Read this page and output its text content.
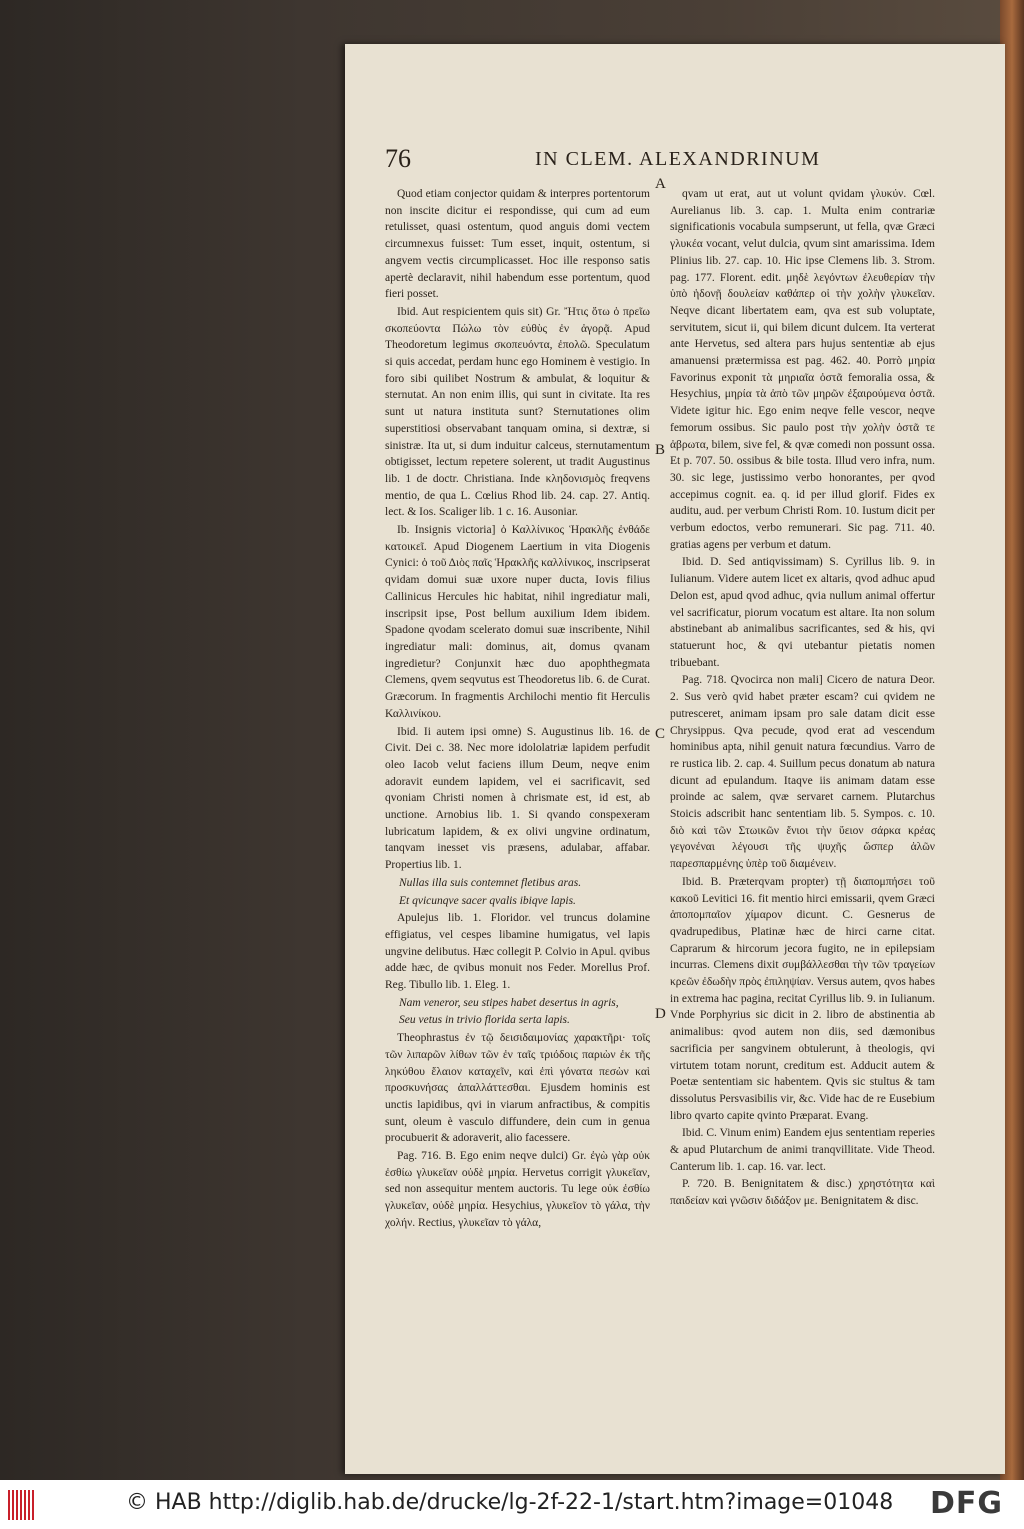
76	IN CLEM. ALEXANDRINUM

Quod etiam conjector quidam & interpres portentorum non inscite dicitur ei respondisse, qui cum ad eum retulisset, quasi ostentum, quod anguis domi vectem circumnexus fuisset: Tum esset, inquit, ostentum, si angvem vectis circumplicasset. Hoc ille responso satis apertè declaravit, nihil habendum esse portentum, quod fieri posset.

Ibid. Aut respicientem quis sit) Gr. Ἤτις ὅτω ὁ πρεῖω σκοπεύοντα Πώλω τὸν εὐθὺς ἐν ἀγορᾷ. Apud Theodoretum legimus σκοπευόντα, ἐπολῶ. Speculatum si quis accedat, perdam hunc ego Hominem è vestigio. In foro sibi quilibet Nostrum & ambulat, & loquitur & sternutat. An non enim illis, qui sunt in civitate. Ita res sunt ut natura instituta sunt? Sternutationes olim superstitiosi observabant tanquam omina, si dextræ, si sinistræ. Ita ut, si dum induitur calceus, sternutamentum obtigisset, lectum repetere solerent, ut tradit Augustinus lib. 1 de doctr. Christiana. Inde κληδονισμὸς freqvens mentio, de qua L. Cœlius Rhod lib. 24. cap. 27. Antiq. lect. & Ios. Scaliger lib. 1 c. 16. Ausoniar.

Ib. Insignis victoria] ὁ Καλλίνικος Ἡρακλῆς ἐνθάδε κατοικεῖ. Apud Diogenem Laertium in vita Diogenis Cynici: ὁ τοῦ Διὸς παῖς Ἡρακλῆς καλλίνικος, inscripserat qvidam domui suæ uxore nuper ducta, Iovis filius Callinicus Hercules hic habitat, nihil ingrediatur mali, inscripsit ipse, Post bellum auxilium Idem ibidem. Spadone qvodam scelerato domui suæ inscribente, Nihil ingrediatur mali: dominus, ait, domus qvanam ingredietur? Conjunxit hæc duo apophthegmata Clemens, qvem seqvutus est Theodoretus lib. 6. de Curat. Græcorum. In fragmentis Archilochi mentio fit Herculis Καλλινίκου.

Ibid. Ii autem ipsi omne) S. Augustinus lib. 16. de Civit. Dei c. 38. Nec more idololatriæ lapidem perfudit oleo Iacob velut faciens illum Deum, neqve enim adoravit eundem lapidem, vel ei sacrificavit, sed qvoniam Christi nomen à chrismate est, id est, ab unctione. Arnobius lib. 1. Si qvando conspexeram lubricatum lapidem, & ex olivi ungvine ordinatum, tanqvam inesset vis præsens, adulabar, affabar. Propertius lib. 1.

Nullas illa suis contemnet fletibus aras.

Et qvicunqve sacer qvalis ibiqve lapis.

Apulejus lib. 1. Floridor. vel truncus dolamine effigiatus, vel cespes libamine humigatus, vel lapis ungvine delibutus. Hæc collegit P. Colvio in Apul. qvibus adde hæc, de qvibus monuit nos Feder. Morellus Prof. Reg. Tibullo lib. 1. Eleg. 1.

Nam veneror, seu stipes habet desertus in agris,

Seu vetus in trivio florida serta lapis.

Theophrastus ἐν τῷ δεισιδαιμονίας χαρακτῆρι· τοῖς τῶν λιπαρῶν λίθων τῶν ἐν ταῖς τριόδοις παριὼν ἐκ τῆς ληκύθου ἔλαιον καταχεῖν, καὶ ἐπὶ γόνατα πεσὼν καὶ προσκυνήσας ἀπαλλάττεσθαι. Ejusdem hominis est unctis lapidibus, qvi in viarum anfractibus, & compitis sunt, oleum è vasculo diffundere, dein cum in genua procubuerit & adoraverit, alio facessere.

Pag. 716. B. Ego enim neqve dulci) Gr. ἐγὼ γὰρ οὐκ ἐσθίω γλυκεῖαν οὐδὲ μηρία. Hervetus corrigit γλυκεῖαν, sed non assequitur mentem auctoris. Tu lege οὐκ ἐσθίω γλυκεῖαν, οὐδὲ μηρία. Hesychius, γλυκεῖον τὸ γάλα, τὴν χολήν. Rectius, γλυκεῖαν τὸ γάλα,

A
B
C
D

qvam ut erat, aut ut volunt qvidam γλυκύν. Cœl. Aurelianus lib. 3. cap. 1. Multa enim contrariæ significationis vocabula sumpserunt, ut fella, qvæ Græci γλυκέα vocant, velut dulcia, qvum sint amarissima. Idem Plinius lib. 27. cap. 10. Hic ipse Clemens lib. 3. Strom. pag. 177. Florent. edit. μηδὲ λεγόντων ἐλευθερίαν τὴν ὑπὸ ἡδονῇ δουλείαν καθάπερ οἱ τὴν χολὴν γλυκεῖαν. Neqve dicant libertatem eam, qva est sub voluptate, servitutem, sicut ii, qui bilem dicunt dulcem. Ita verterat ante Hervetus, sed altera pars hujus sententiæ ab ejus amanuensi prætermissa est pag. 462. 40. Porrò μηρία Favorinus exponit τὰ μηριαῖα ὀστᾶ femoralia ossa, & Hesychius, μηρία τὰ ἀπὸ τῶν μηρῶν ἐξαιρούμενα ὀστᾶ. Videte igitur hic. Ego enim neqve felle vescor, neqve femorum ossibus. Sic paulo post τὴν χολὴν ὀστᾶ τε ἀβρωτα, bilem, sive fel, & qvæ comedi non possunt ossa. Et p. 707. 50. ossibus & bile tosta. Illud vero infra, num. 30. sic lege, justissimo verbo honorantes, per qvod accepimus cognit. ea. q. id per illud glorif. Fides ex auditu, aud. per verbum Christi Rom. 10. Iustum dicit per verbum edoctos, verbo remunerari. Sic pag. 711. 40. gratias agens per verbum et datum.

Ibid. D. Sed antiqvissimam) S. Cyrillus lib. 9. in Iulianum. Videre autem licet ex altaris, qvod adhuc apud Delon est, apud qvod adhuc, qvia nullum animal offertur vel sacrificatur, piorum vocatum est altare. Ita non solum abstinebant ab animalibus sacrificantes, sed & his, qvi statuerunt hoc, & qvi utebantur pietatis nomen tribuebant.

Pag. 718. Qvocirca non mali] Cicero de natura Deor. 2. Sus verò qvid habet præter escam? cui qvidem ne putresceret, animam ipsam pro sale datam dicit esse Chrysippus. Qva pecude, qvod erat ad vescendum hominibus apta, nihil genuit natura fœcundius. Varro de re rustica lib. 2. cap. 4. Suillum pecus donatum ab natura dicunt ad epulandum. Itaqve iis animam datam esse proinde ac salem, qvæ servaret carnem. Plutarchus Stoicis adscribit hanc sententiam lib. 5. Sympos. c. 10. διὸ καὶ τῶν Στωικῶν ἔνιοι τὴν ὕειον σάρκα κρέας γεγονέναι λέγουσι τῆς ψυχῆς ὥσπερ ἁλῶν παρεσπαρμένης ὑπὲρ τοῦ διαμένειν.

Ibid. B. Præterqvam propter) τῇ διαπομπήσει τοῦ κακοῦ Levitici 16. fit mentio hirci emissarii, qvem Græci ἀποπομπαῖον χίμαρον dicunt. C. Gesnerus de qvadrupedibus, Platinæ hæc de hirci carne citat. Caprarum & hircorum jecora fugito, ne in epilepsiam incurras. Clemens dixit συμβάλλεσθαι τὴν τῶν τραγείων κρεῶν ἐδωδὴν πρὸς ἐπιληψίαν. Versus autem, qvos habes in extrema hac pagina, recitat Cyrillus lib. 9. in Iulianum. Vnde Porphyrius sic dicit in 2. libro de abstinentia ab animalibus: qvod autem non diis, sed dæmonibus sacrificia per sangvinem obtulerunt, à theologis, qvi virtutem totam norunt, creditum est. Adducit autem & Poetæ sententiam sic habentem. Qvis sic stultus & tam dissolutus Persvasibilis vir, &c. Vide hac de re Eusebium libro qvarto capite qvinto Præparat. Evang.

Ibid. C. Vinum enim) Eandem ejus sententiam reperies & apud Plutarchum de animi tranqvillitate. Vide Theod. Canterum lib. 1. cap. 16. var. lect.

P. 720. B. Benignitatem & disc.) χρηστότητα καὶ παιδείαν καὶ γνῶσιν διδάξον με. Benignitatem & disc.

© HAB http://diglib.hab.de/drucke/lg-2f-22-1/start.htm?image=01048 DFG
